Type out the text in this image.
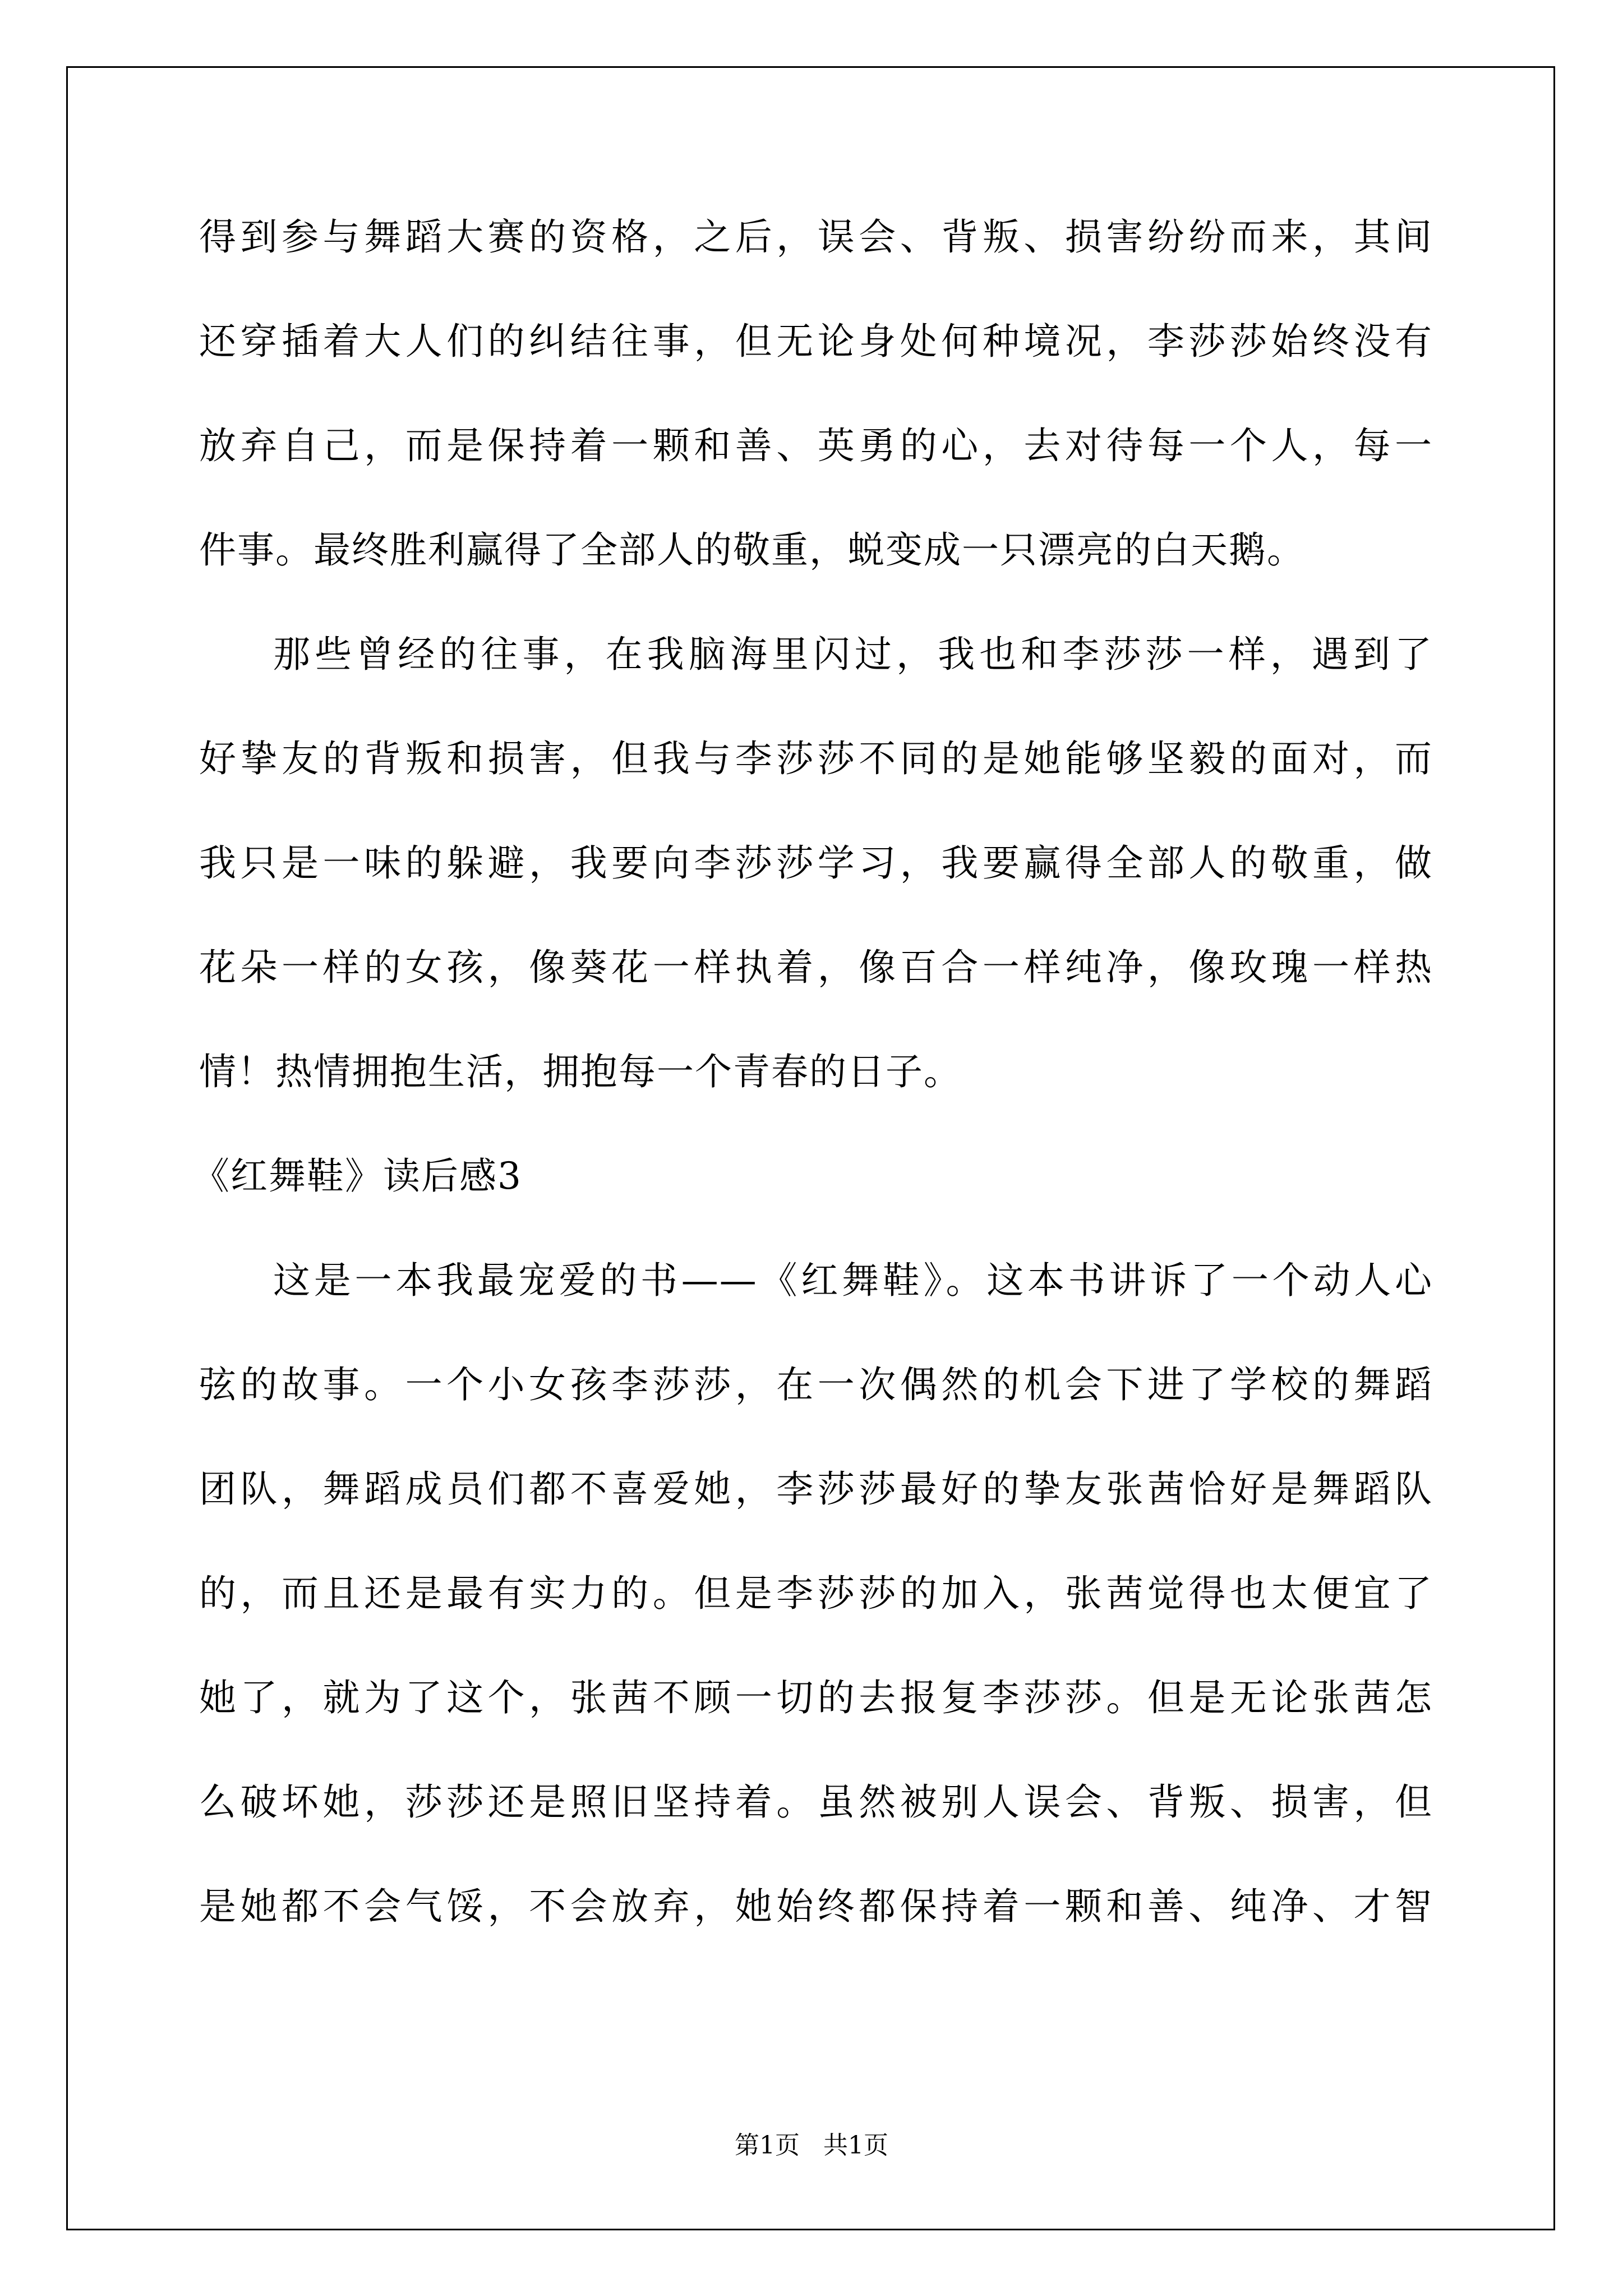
得到参与舞蹈大赛的资格，之后，误会、背叛、损害纷纷而来，其间
还穿插着大人们的纠结往事，但无论身处何种境况，李莎莎始终没有
放弃自己，而是保持着一颗和善、英勇的心，去对待每一个人，每一
件事。最终胜利赢得了全部人的敬重，蜕变成一只漂亮的白天鹅。
那些曾经的往事，在我脑海里闪过，我也和李莎莎一样，遇到了
好挚友的背叛和损害，但我与李莎莎不同的是她能够坚毅的面对，而
我只是一味的躲避，我要向李莎莎学习，我要赢得全部人的敬重，做
花朵一样的女孩，像葵花一样执着，像百合一样纯净，像玫瑰一样热
情！热情拥抱生活，拥抱每一个青春的日子。
《红舞鞋》读后感3
这是一本我最宠爱的书——《红舞鞋》。这本书讲诉了一个动人心
弦的故事。一个小女孩李莎莎，在一次偶然的机会下进了学校的舞蹈
团队，舞蹈成员们都不喜爱她，李莎莎最好的挚友张茜恰好是舞蹈队
的，而且还是最有实力的。但是李莎莎的加入，张茜觉得也太便宜了
她了，就为了这个，张茜不顾一切的去报复李莎莎。但是无论张茜怎
么破坏她，莎莎还是照旧坚持着。虽然被别人误会、背叛、损害，但
是她都不会气馁，不会放弃，她始终都保持着一颗和善、纯净、才智
第1页 共1页
